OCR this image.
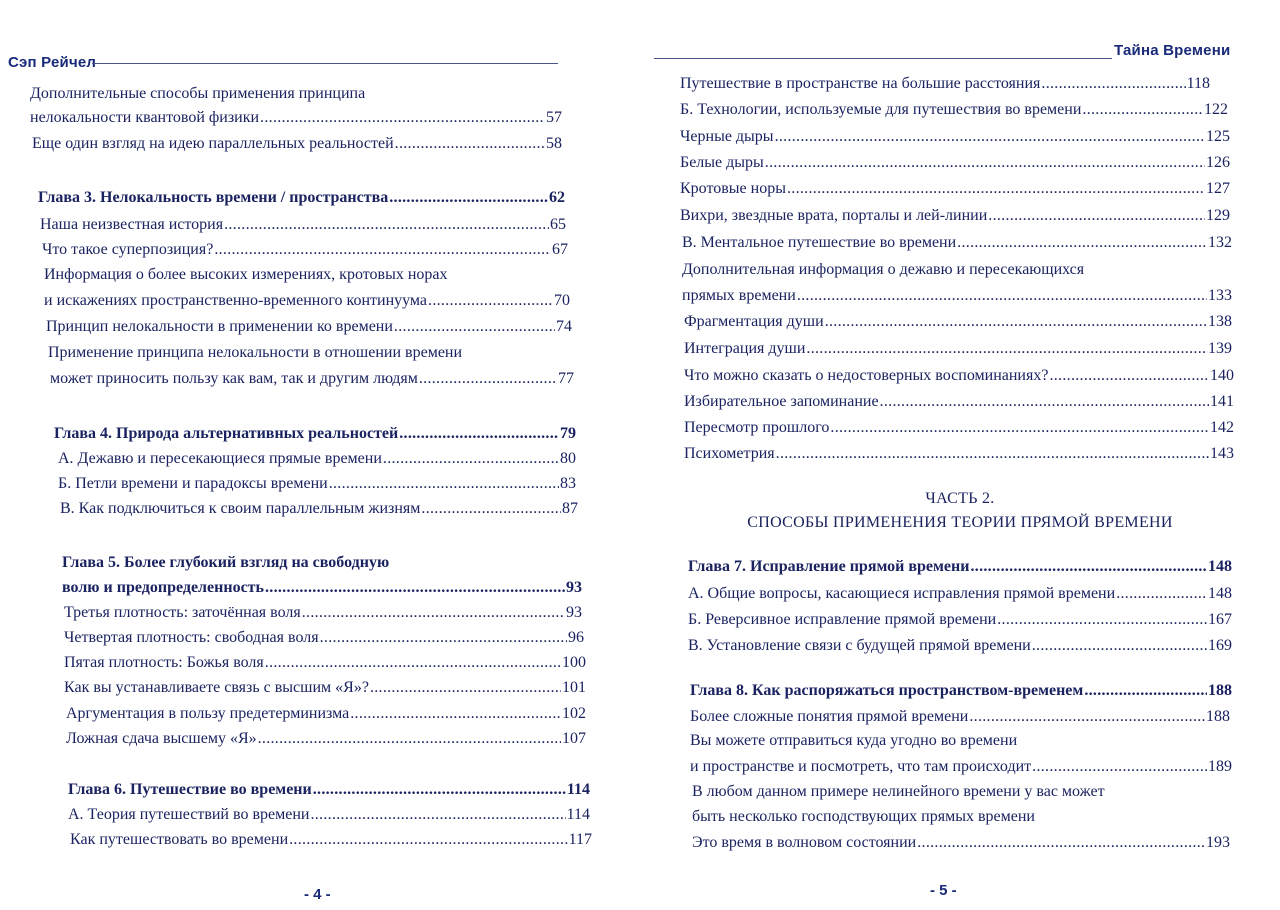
Сэп Рейчел
Дополнительные способы применения принципа
нелокальности квантовой физики .....	57
Еще один взгляд на идею параллельных реальностей .....	58
Глава 3. Нелокальность времени / пространства .....	62
Наша неизвестная история .....	65
Что такое суперпозиция? .....	67
Информация о более высоких измерениях, кротовых норах
и искажениях пространственно-временного континуума .....	70
Принцип нелокальности в применении ко времени .....	74
Применение принципа нелокальности в отношении времени
может приносить пользу как вам, так и другим людям .....	77
Глава 4. Природа альтернативных реальностей .....	79
А. Дежавю и пересекающиеся прямые времени .....	80
Б. Петли времени и парадоксы времени .....	83
В. Как подключиться к своим параллельным жизням .....	87
Глава 5. Более глубокий взгляд на свободную
волю и предопределенность .....	93
Третья плотность: заточённая воля .....	93
Четвертая плотность: свободная воля .....	96
Пятая плотность: Божья воля .....	100
Как вы устанавливаете связь с высшим «Я»? .....	101
Аргументация в пользу предетерминизма .....	102
Ложная сдача высшему «Я» .....	107
Глава 6. Путешествие во времени .....	114
А. Теория путешествий во времени .....	114
Как путешествовать во времени .....	117
- 4 -
Тайна Времени
Путешествие в пространстве на большие расстояния .....	118
Б. Технологии, используемые для путешествия во времени .....	122
Черные дыры .....	125
Белые дыры .....	126
Кротовые норы .....	127
Вихри, звездные врата, порталы и лей-линии .....	129
В. Ментальное путешествие во времени .....	132
Дополнительная информация о дежавю и пересекающихся
прямых времени .....	133
Фрагментация души .....	138
Интеграция души .....	139
Что можно сказать о недостоверных воспоминаниях? .....	140
Избирательное запоминание .....	141
Пересмотр прошлого .....	142
Психометрия .....	143
ЧАСТЬ 2.
СПОСОБЫ ПРИМЕНЕНИЯ ТЕОРИИ ПРЯМОЙ ВРЕМЕНИ
Глава 7. Исправление прямой времени .....	148
А. Общие вопросы, касающиеся исправления прямой времени .....	148
Б. Реверсивное исправление прямой времени .....	167
В. Установление связи с будущей прямой времени .....	169
Глава 8. Как распоряжаться пространством-временем .....	188
Более сложные понятия прямой времени .....	188
Вы можете отправиться куда угодно во времени
и пространстве и посмотреть, что там происходит .....	189
В любом данном примере нелинейного времени у вас может
быть несколько господствующих прямых времени
Это время в волновом состоянии .....	193
- 5 -
